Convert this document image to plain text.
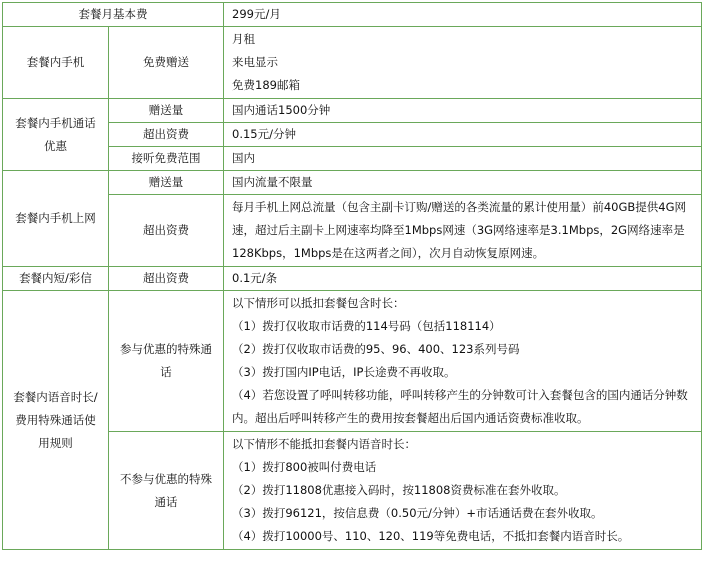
套餐月基本费		299元/月
套餐内手机	免费赠送	月租
来电显示
免费189邮箱

套餐内手机通话优惠	赠送量	国内通话1500分钟
	超出资费	0.15元/分钟
	接听免费范围	国内
套餐内手机上网	赠送量	国内流量不限量
	超出资费	每月手机上网总流量（包含主副卡订购/赠送的各类流量的累计使用量）前40GB提供4G网速，超过后主副卡上网速率均降至1Mbps网速（3G网络速率是3.1Mbps，2G网络速率是128Kbps，1Mbps是在这两者之间），次月自动恢复原网速。

套餐内短/彩信	超出资费	0.1元/条
套餐内语音时长/费用特殊通话使用规则	参与优惠的特殊通话	以下情形可以抵扣套餐包含时长：
（1）拨打仅收取市话费的114号码（包括118114）
（2）拨打仅收取市话费的95、96、400、123系列号码
（3）拨打国内IP电话，IP长途费不再收取。
（4）若您设置了呼叫转移功能，呼叫转移产生的分钟数可计入套餐包含的国内通话分钟数内。超出后呼叫转移产生的费用按套餐超出后国内通话资费标准收取。

	不参与优惠的特殊通话	以下情形不能抵扣套餐内语音时长：
（1）拨打800被叫付费电话
（2）拨打11808优惠接入码时，按11808资费标准在套外收取。
（3）拨打96121，按信息费（0.50元/分钟）+市话通话费在套外收取。
（4）拨打10000号、110、120、119等免费电话，不抵扣套餐内语音时长。
